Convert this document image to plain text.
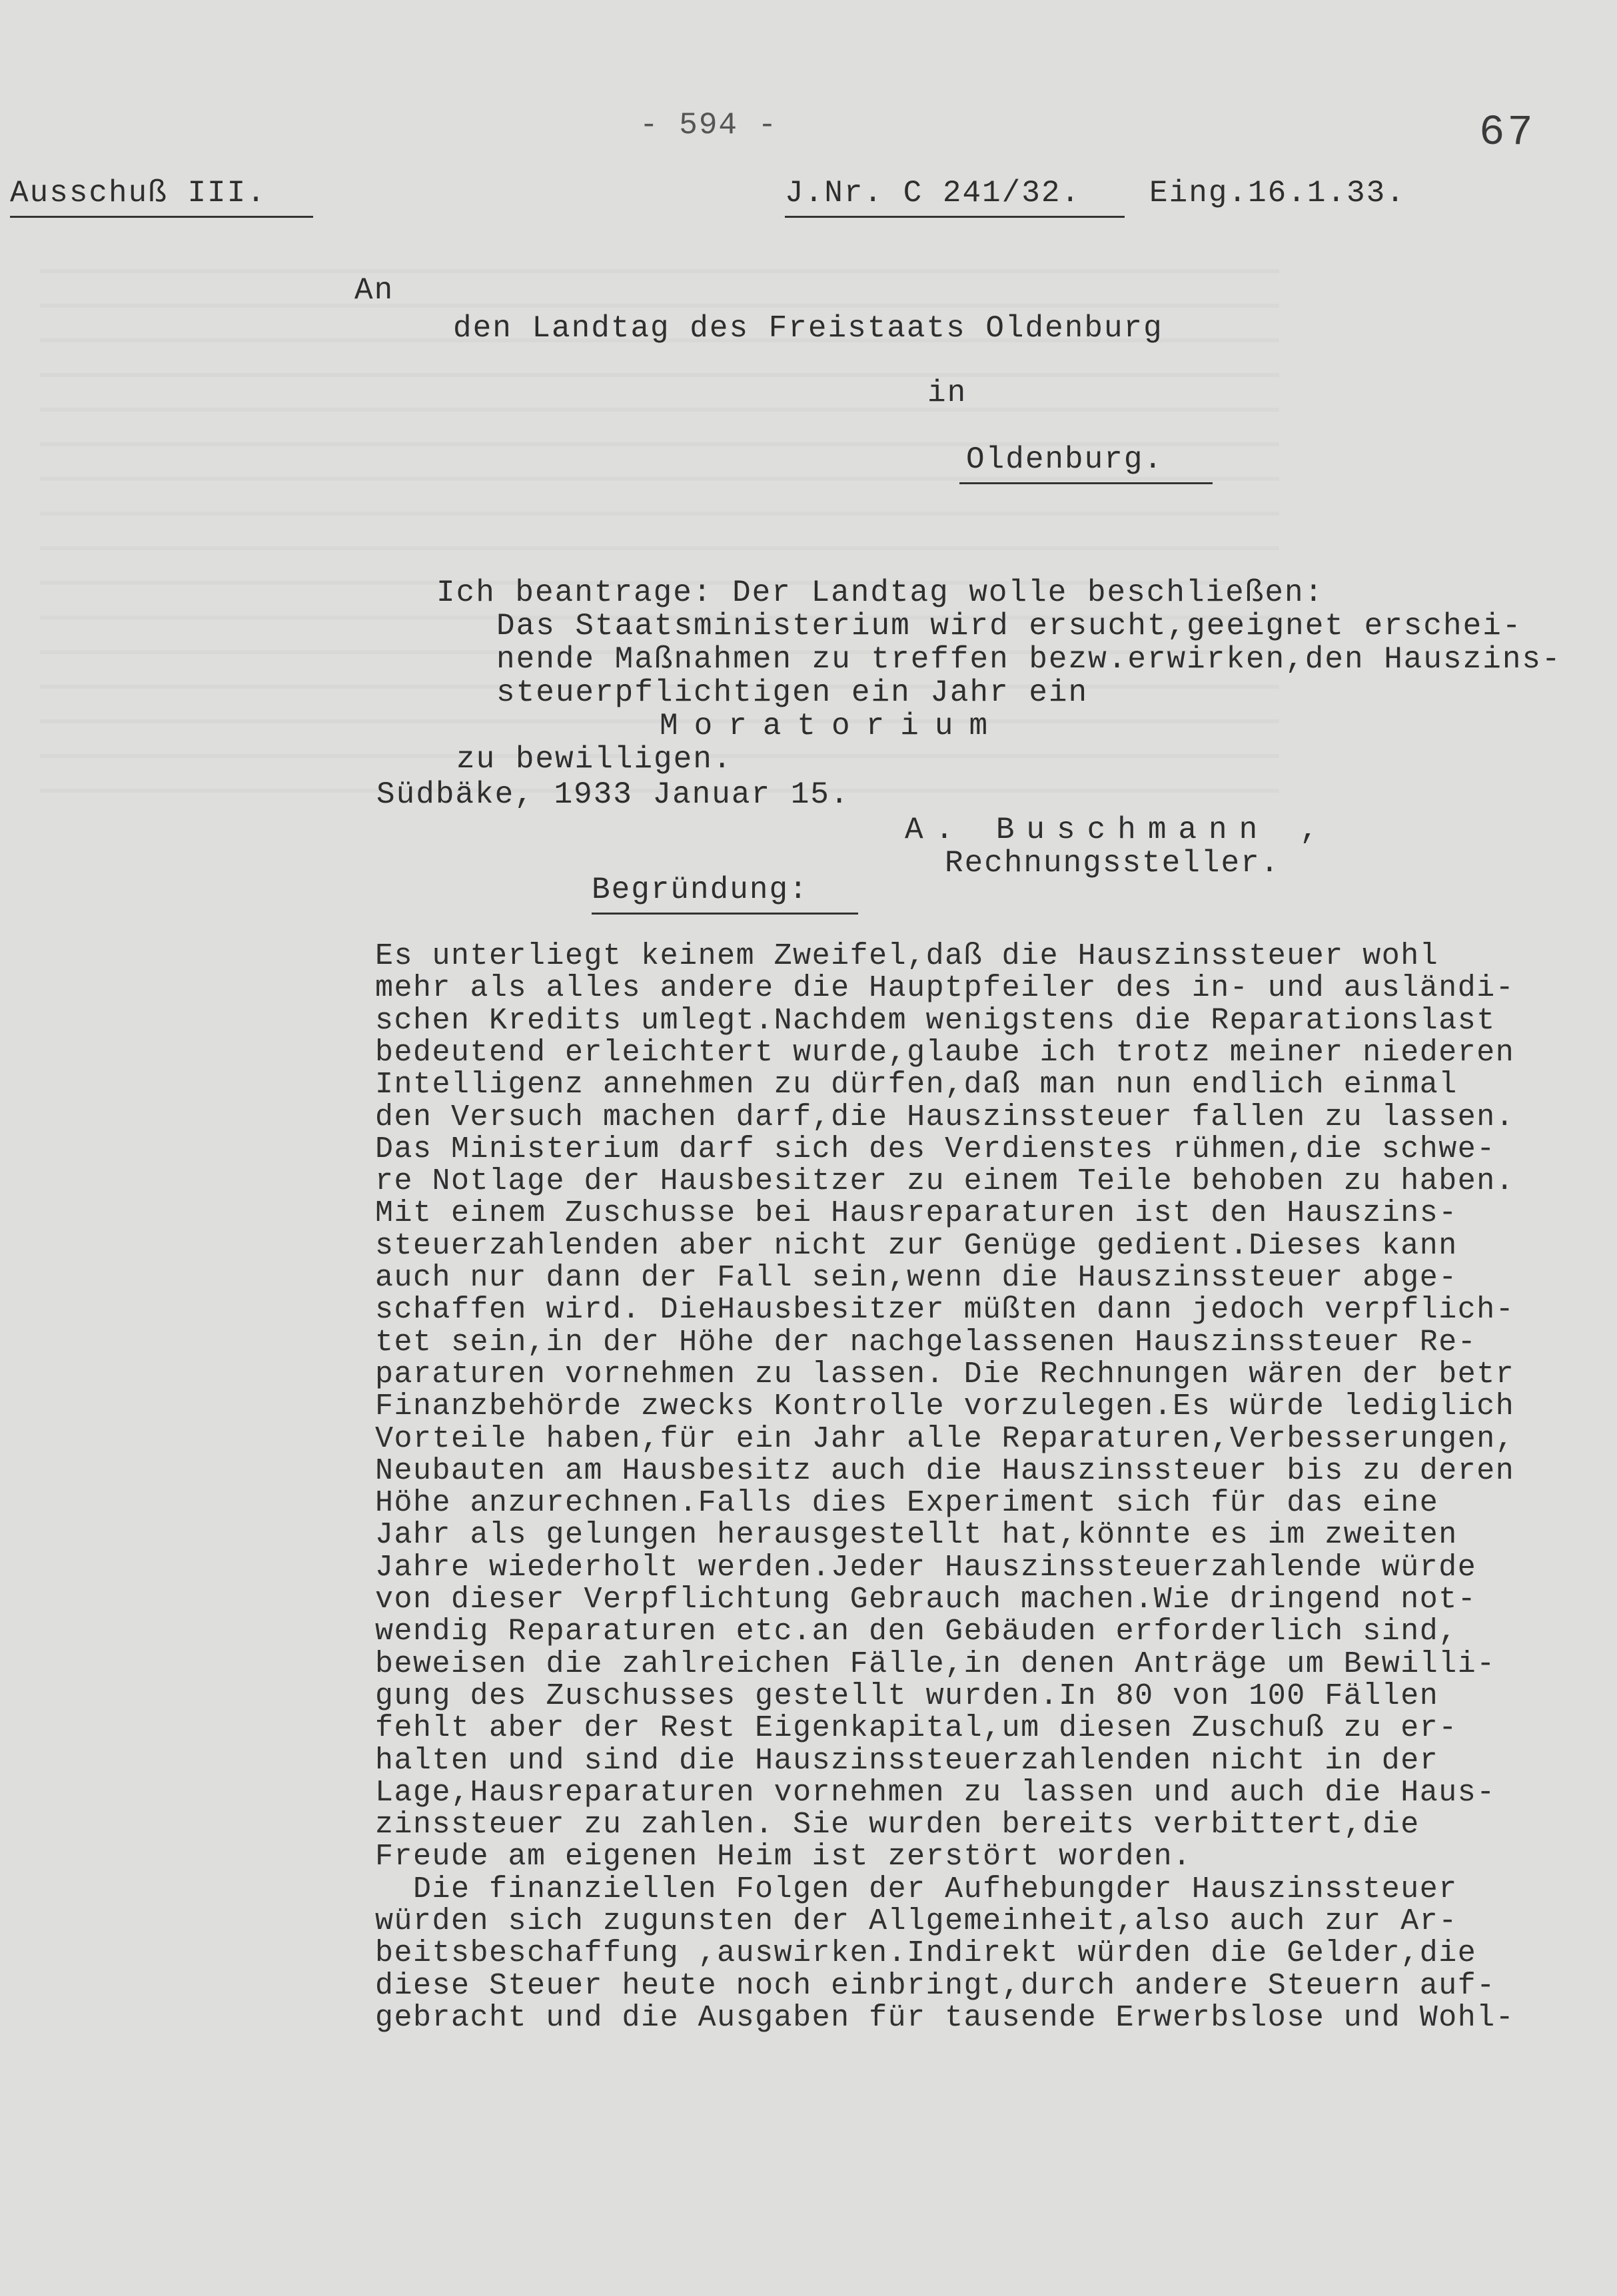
- 594 -	67
Ausschuß III.	J.Nr. C 241/32.	Eing.16.1.33.
An
den Landtag des Freistaats Oldenburg
in
Oldenburg.
Ich beantrage: Der Landtag wolle beschließen:
Das Staatsministerium wird ersucht,geeignet erschei-
nende Maßnahmen zu treffen bezw.erwirken,den Hauszins-
steuerpflichtigen ein Jahr ein
Moratorium
zu bewilligen.
Südbäke, 1933 Januar 15.
A. Buschmann ,
Rechnungssteller.
Begründung:
Es unterliegt keinem Zweifel,daß die Hauszinssteuer wohl
mehr als alles andere die Hauptpfeiler des in- und ausländi-
schen Kredits umlegt.Nachdem wenigstens die Reparationslast
bedeutend erleichtert wurde,glaube ich trotz meiner niederen
Intelligenz annehmen zu dürfen,daß man nun endlich einmal
den Versuch machen darf,die Hauszinssteuer fallen zu lassen.
Das Ministerium darf sich des Verdienstes rühmen,die schwe-
re Notlage der Hausbesitzer zu einem Teile behoben zu haben.
Mit einem Zuschusse bei Hausreparaturen ist den Hauszins-
steuerzahlenden aber nicht zur Genüge gedient.Dieses kann
auch nur dann der Fall sein,wenn die Hauszinssteuer abge-
schaffen wird. DieHausbesitzer müßten dann jedoch verpflich-
tet sein,in der Höhe der nachgelassenen Hauszinssteuer Re-
paraturen vornehmen zu lassen. Die Rechnungen wären der betr
Finanzbehörde zwecks Kontrolle vorzulegen.Es würde lediglich
Vorteile haben,für ein Jahr alle Reparaturen,Verbesserungen,
Neubauten am Hausbesitz auch die Hauszinssteuer bis zu deren
Höhe anzurechnen.Falls dies Experiment sich für das eine
Jahr als gelungen herausgestellt hat,könnte es im zweiten
Jahre wiederholt werden.Jeder Hauszinssteuerzahlende würde
von dieser Verpflichtung Gebrauch machen.Wie dringend not-
wendig Reparaturen etc.an den Gebäuden erforderlich sind,
beweisen die zahlreichen Fälle,in denen Anträge um Bewilli-
gung des Zuschusses gestellt wurden.In 80 von 100 Fällen
fehlt aber der Rest Eigenkapital,um diesen Zuschuß zu er-
halten und sind die Hauszinssteuerzahlenden nicht in der
Lage,Hausreparaturen vornehmen zu lassen und auch die Haus-
zinssteuer zu zahlen. Sie wurden bereits verbittert,die
Freude am eigenen Heim ist zerstört worden.
Die finanziellen Folgen der Aufhebungder Hauszinssteuer
würden sich zugunsten der Allgemeinheit,also auch zur Ar-
beitsbeschaffung ,auswirken.Indirekt würden die Gelder,die
diese Steuer heute noch einbringt,durch andere Steuern auf-
gebracht und die Ausgaben für tausende Erwerbslose und Wohl-
